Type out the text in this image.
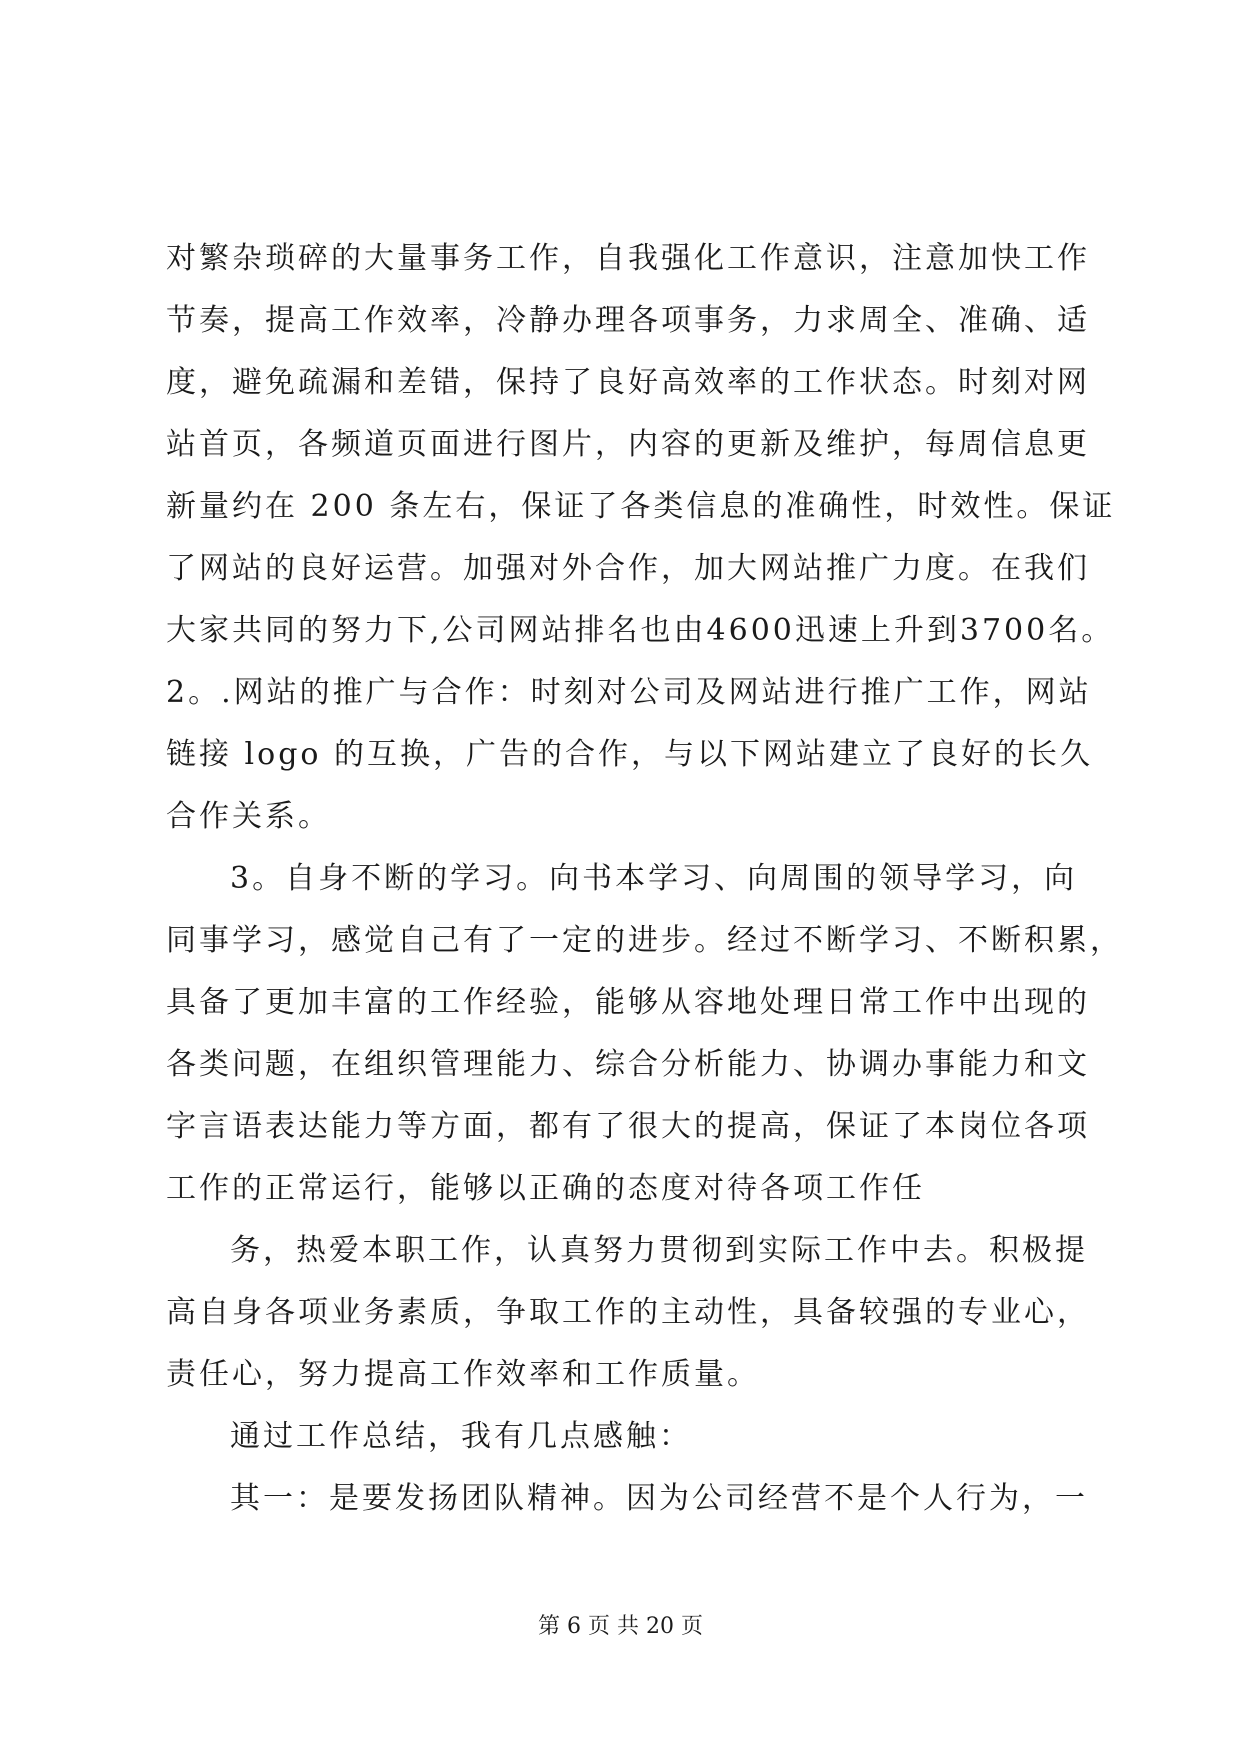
对繁杂琐碎的大量事务工作，自我强化工作意识，注意加快工作
节奏，提高工作效率，冷静办理各项事务，力求周全、准确、适
度，避免疏漏和差错，保持了良好高效率的工作状态。时刻对网
站首页，各频道页面进行图片，内容的更新及维护，每周信息更
新量约在 200 条左右，保证了各类信息的准确性，时效性。保证
了网站的良好运营。加强对外合作，加大网站推广力度。在我们
大家共同的努力下,公司网站排名也由4600迅速上升到3700名。
2。.网站的推广与合作：时刻对公司及网站进行推广工作，网站
链接 logo 的互换，广告的合作，与以下网站建立了良好的长久
合作关系。
3。自身不断的学习。向书本学习、向周围的领导学习，向
同事学习，感觉自己有了一定的进步。经过不断学习、不断积累，
具备了更加丰富的工作经验，能够从容地处理日常工作中出现的
各类问题，在组织管理能力、综合分析能力、协调办事能力和文
字言语表达能力等方面，都有了很大的提高，保证了本岗位各项
工作的正常运行，能够以正确的态度对待各项工作任
务，热爱本职工作，认真努力贯彻到实际工作中去。积极提
高自身各项业务素质，争取工作的主动性，具备较强的专业心，
责任心，努力提高工作效率和工作质量。
通过工作总结，我有几点感触：
其一：是要发扬团队精神。因为公司经营不是个人行为，一
第 6 页 共 20 页
